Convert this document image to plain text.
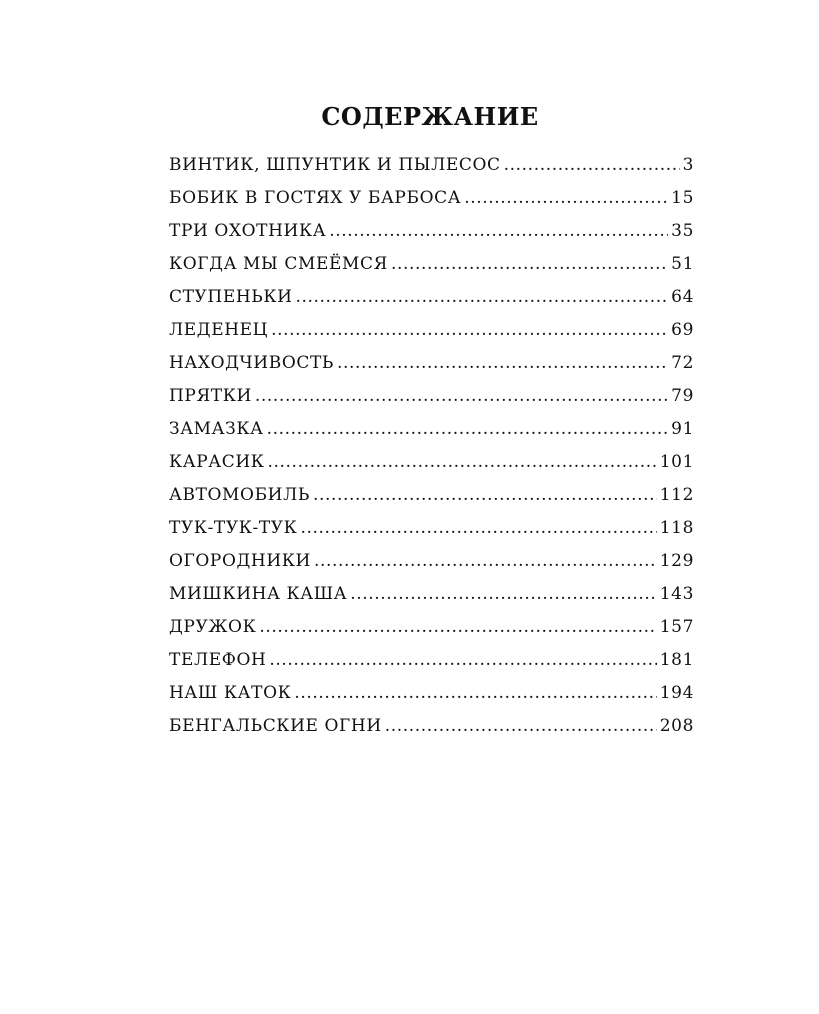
СОДЕРЖАНИЕ
ВИНТИК, ШПУНТИК И ПЫЛЕСОС .....	3
БОБИК В ГОСТЯХ У БАРБОСА .....	15
ТРИ ОХОТНИКА .....	35
КОГДА МЫ СМЕЁМСЯ .....	51
СТУПЕНЬКИ .....	64
ЛЕДЕНЕЦ .....	69
НАХОДЧИВОСТЬ .....	72
ПРЯТКИ .....	79
ЗАМАЗКА .....	91
КАРАСИК .....	101
АВТОМОБИЛЬ .....	112
ТУК-ТУК-ТУК .....	118
ОГОРОДНИКИ .....	129
МИШКИНА КАША .....	143
ДРУЖОК .....	157
ТЕЛЕФОН .....	181
НАШ КАТОК .....	194
БЕНГАЛЬСКИЕ ОГНИ .....	208
